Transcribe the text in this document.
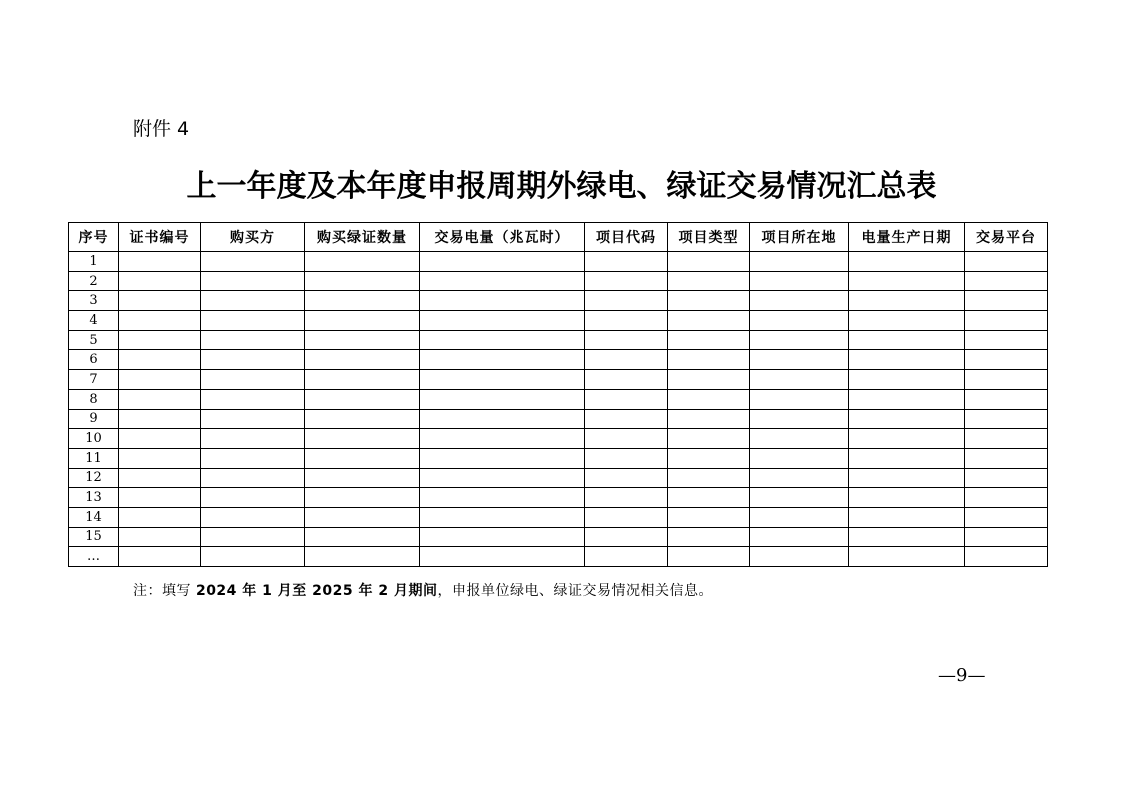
附件 4
上一年度及本年度申报周期外绿电、绿证交易情况汇总表
序号	证书编号	购买方	购买绿证数量	交易电量（兆瓦时）	项目代码	项目类型	项目所在地	电量生产日期	交易平台
1									
2									
3									
4									
5									
6									
7									
8									
9									
10									
11									
12									
13									
14									
15									
…									
注：填写 2024 年 1 月至 2025 年 2 月期间，申报单位绿电、绿证交易情况相关信息。
—9—
